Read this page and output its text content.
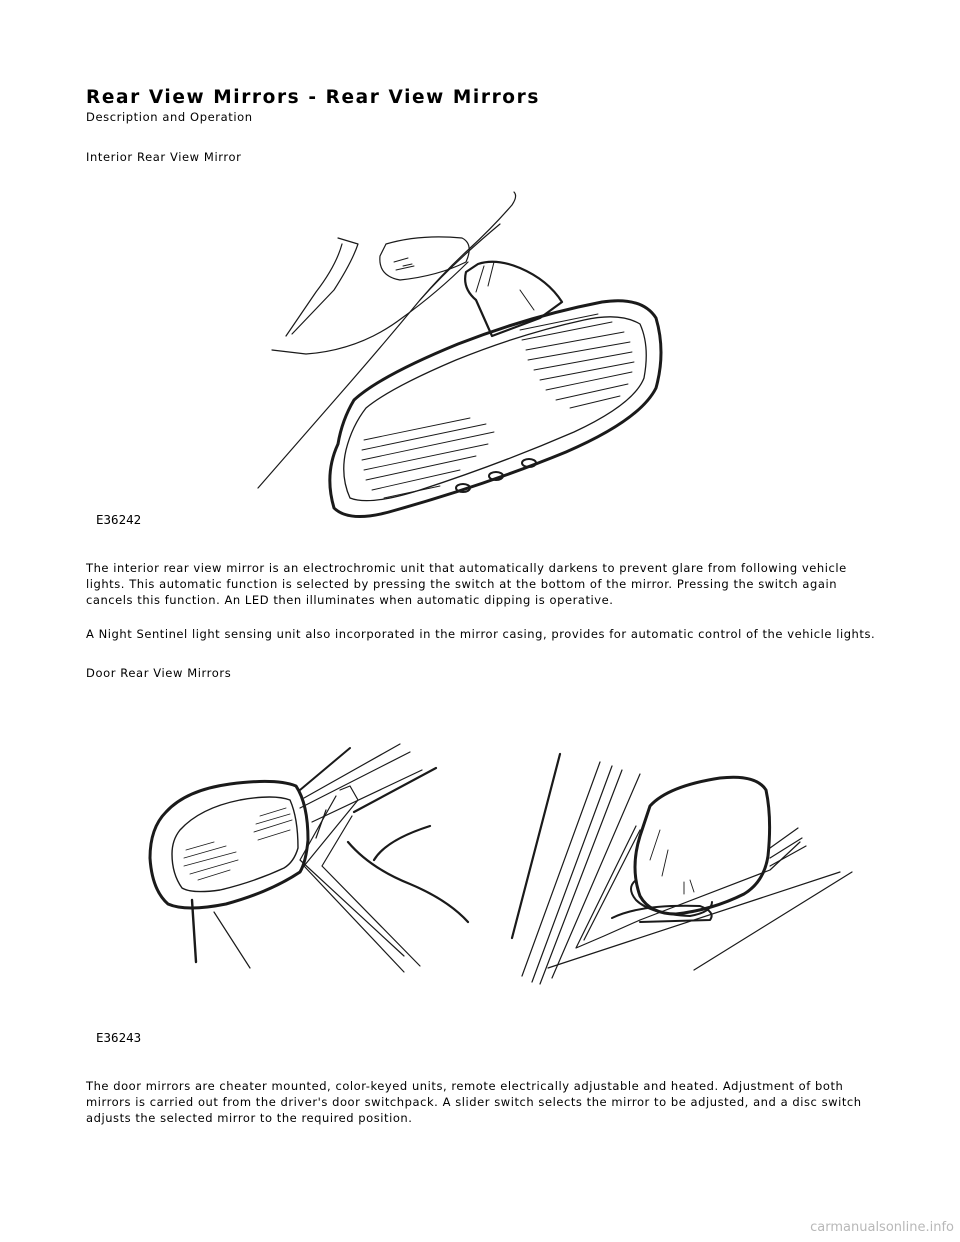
Rear View Mirrors - Rear View Mirrors
Description and Operation
Interior Rear View Mirror
E36242
The interior rear view mirror is an electrochromic unit that automatically darkens to prevent glare from following vehicle lights. This automatic function is selected by pressing the switch at the bottom of the mirror. Pressing the switch again cancels this function. An LED then illuminates when automatic dipping is operative.
A Night Sentinel light sensing unit also incorporated in the mirror casing, provides for automatic control of the vehicle lights.
Door Rear View Mirrors
E36243
The door mirrors are cheater mounted, color-keyed units, remote electrically adjustable and heated. Adjustment of both mirrors is carried out from the driver's door switchpack. A slider switch selects the mirror to be adjusted, and a disc switch adjusts the selected mirror to the required position.
carmanualsonline.info
